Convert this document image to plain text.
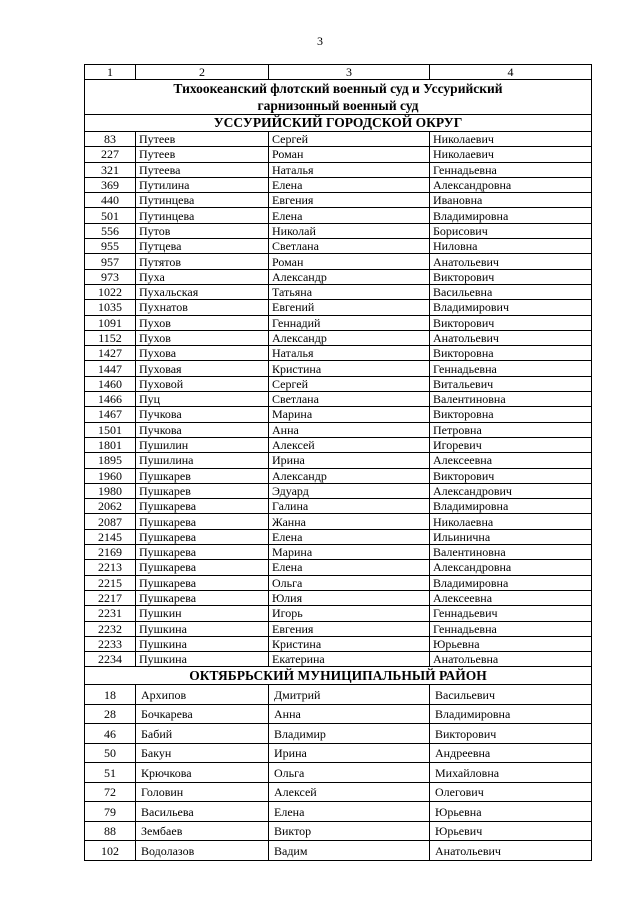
3
1	2	3	4

Тихоокеанский флотский военный суд и Уссурийский
гарнизонный военный суд			

УССУРИЙСКИЙ ГОРОДСКОЙ ОКРУГ			
83	Путеев	Сергей	Николаевич
227	Путеев	Роман	Николаевич
321	Путеева	Наталья	Геннадьевна
369	Путилина	Елена	Александровна
440	Путинцева	Евгения	Ивановна
501	Путинцева	Елена	Владимировна
556	Путов	Николай	Борисович
955	Путцева	Светлана	Ниловна
957	Путятов	Роман	Анатольевич
973	Пуха	Александр	Викторович
1022	Пухальская	Татьяна	Васильевна
1035	Пухнатов	Евгений	Владимирович
1091	Пухов	Геннадий	Викторович
1152	Пухов	Александр	Анатольевич
1427	Пухова	Наталья	Викторовна
1447	Пуховая	Кристина	Геннадьевна
1460	Пуховой	Сергей	Витальевич
1466	Пуц	Светлана	Валентиновна
1467	Пучкова	Марина	Викторовна
1501	Пучкова	Анна	Петровна
1801	Пушилин	Алексей	Игоревич
1895	Пушилина	Ирина	Алексеевна
1960	Пушкарев	Александр	Викторович
1980	Пушкарев	Эдуард	Александрович
2062	Пушкарева	Галина	Владимировна
2087	Пушкарева	Жанна	Николаевна
2145	Пушкарева	Елена	Ильинична
2169	Пушкарева	Марина	Валентиновна
2213	Пушкарева	Елена	Александровна
2215	Пушкарева	Ольга	Владимировна
2217	Пушкарева	Юлия	Алексеевна
2231	Пушкин	Игорь	Геннадьевич
2232	Пушкина	Евгения	Геннадьевна
2233	Пушкина	Кристина	Юрьевна
2234	Пушкина	Екатерина	Анатольевна
ОКТЯБРЬСКИЙ МУНИЦИПАЛЬНЫЙ РАЙОН			
18	Архипов	Дмитрий	Васильевич
28	Бочкарева	Анна	Владимировна
46	Бабий	Владимир	Викторович
50	Бакун	Ирина	Андреевна
51	Крючкова	Ольга	Михайловна
72	Головин	Алексей	Олегович
79	Васильева	Елена	Юрьевна
88	Зембаев	Виктор	Юрьевич
102	Водолазов	Вадим	Анатольевич
